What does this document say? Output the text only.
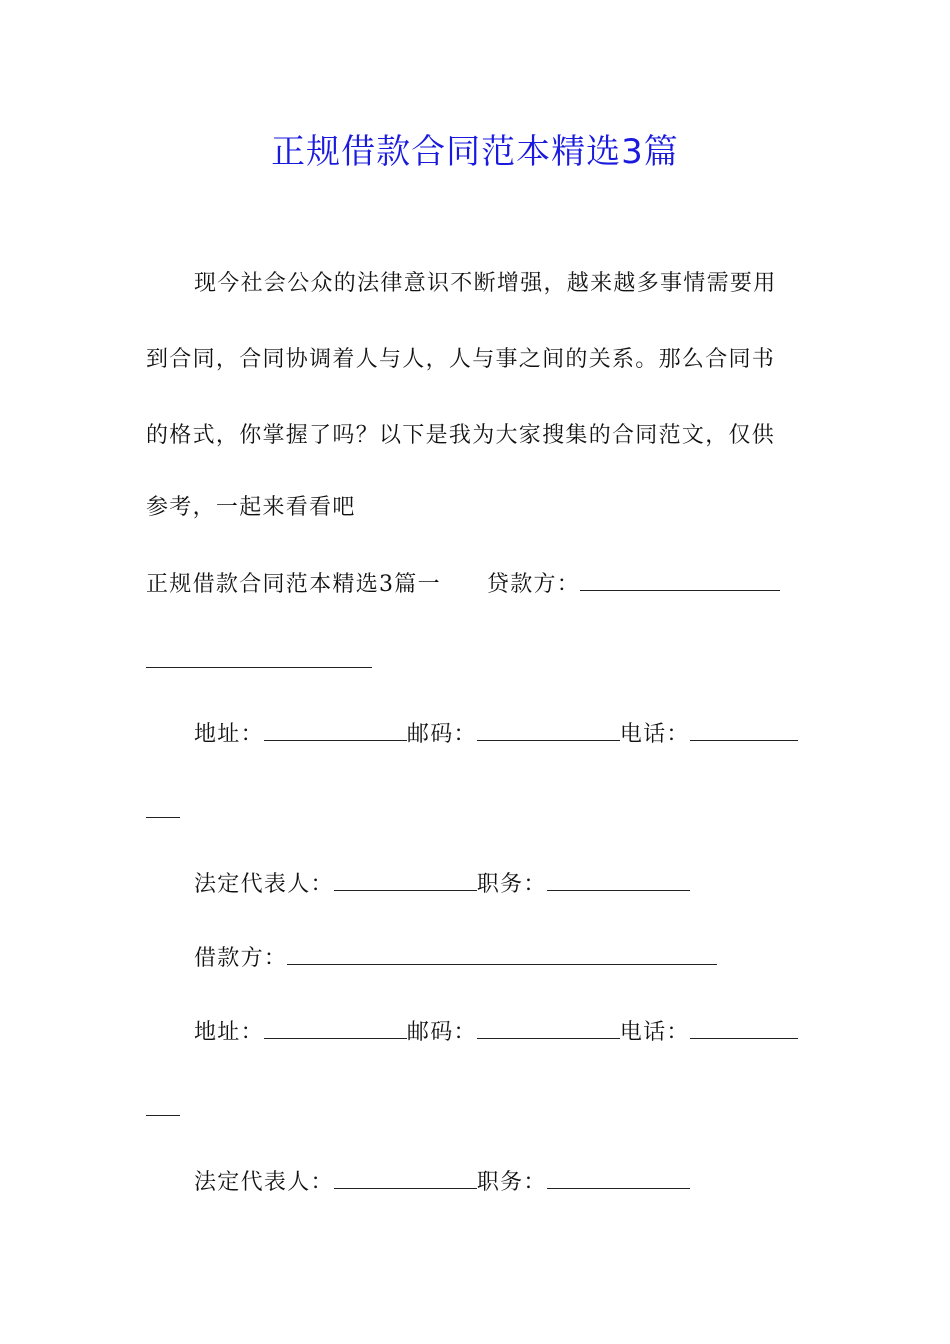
正规借款合同范本精选3篇
现今社会公众的法律意识不断增强，越来越多事情需要用
到合同，合同协调着人与人，人与事之间的关系。那么合同书
的格式，你掌握了吗？以下是我为大家搜集的合同范文，仅供
参考，一起来看看吧
正规借款合同范本精选3篇一 贷款方：
地址：	邮码：	电话：
法定代表人：	职务：
借款方：
地址：	邮码：	电话：
法定代表人：	职务：
